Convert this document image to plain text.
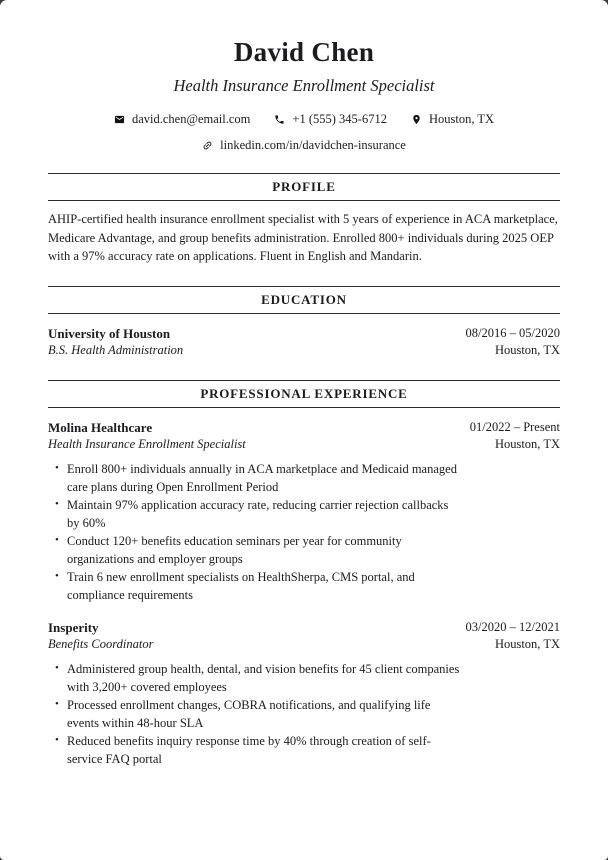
David Chen
Health Insurance Enrollment Specialist
david.chen@email.com	+1 (555) 345-6712	Houston, TX
linkedin.com/in/davidchen-insurance
PROFILE

AHIP-certified health insurance enrollment specialist with 5 years of experience in ACA marketplace, Medicare Advantage, and group benefits administration. Enrolled 800+ individuals during 2025 OEP with a 97% accuracy rate on applications. Fluent in English and Mandarin.

EDUCATION
University of Houston
B.S. Health Administration
08/2016 – 05/2020
Houston, TX
PROFESSIONAL EXPERIENCE
Molina Healthcare
Health Insurance Enrollment Specialist
01/2022 – Present
Houston, TX
• Enroll 800+ individuals annually in ACA marketplace and Medicaid managed care plans during Open Enrollment Period
• Maintain 97% application accuracy rate, reducing carrier rejection callbacks by 60%
• Conduct 120+ benefits education seminars per year for community organizations and employer groups
• Train 6 new enrollment specialists on HealthSherpa, CMS portal, and compliance requirements
Insperity
Benefits Coordinator
03/2020 – 12/2021
Houston, TX
• Administered group health, dental, and vision benefits for 45 client companies with 3,200+ covered employees
• Processed enrollment changes, COBRA notifications, and qualifying life events within 48-hour SLA
• Reduced benefits inquiry response time by 40% through creation of self-service FAQ portal
